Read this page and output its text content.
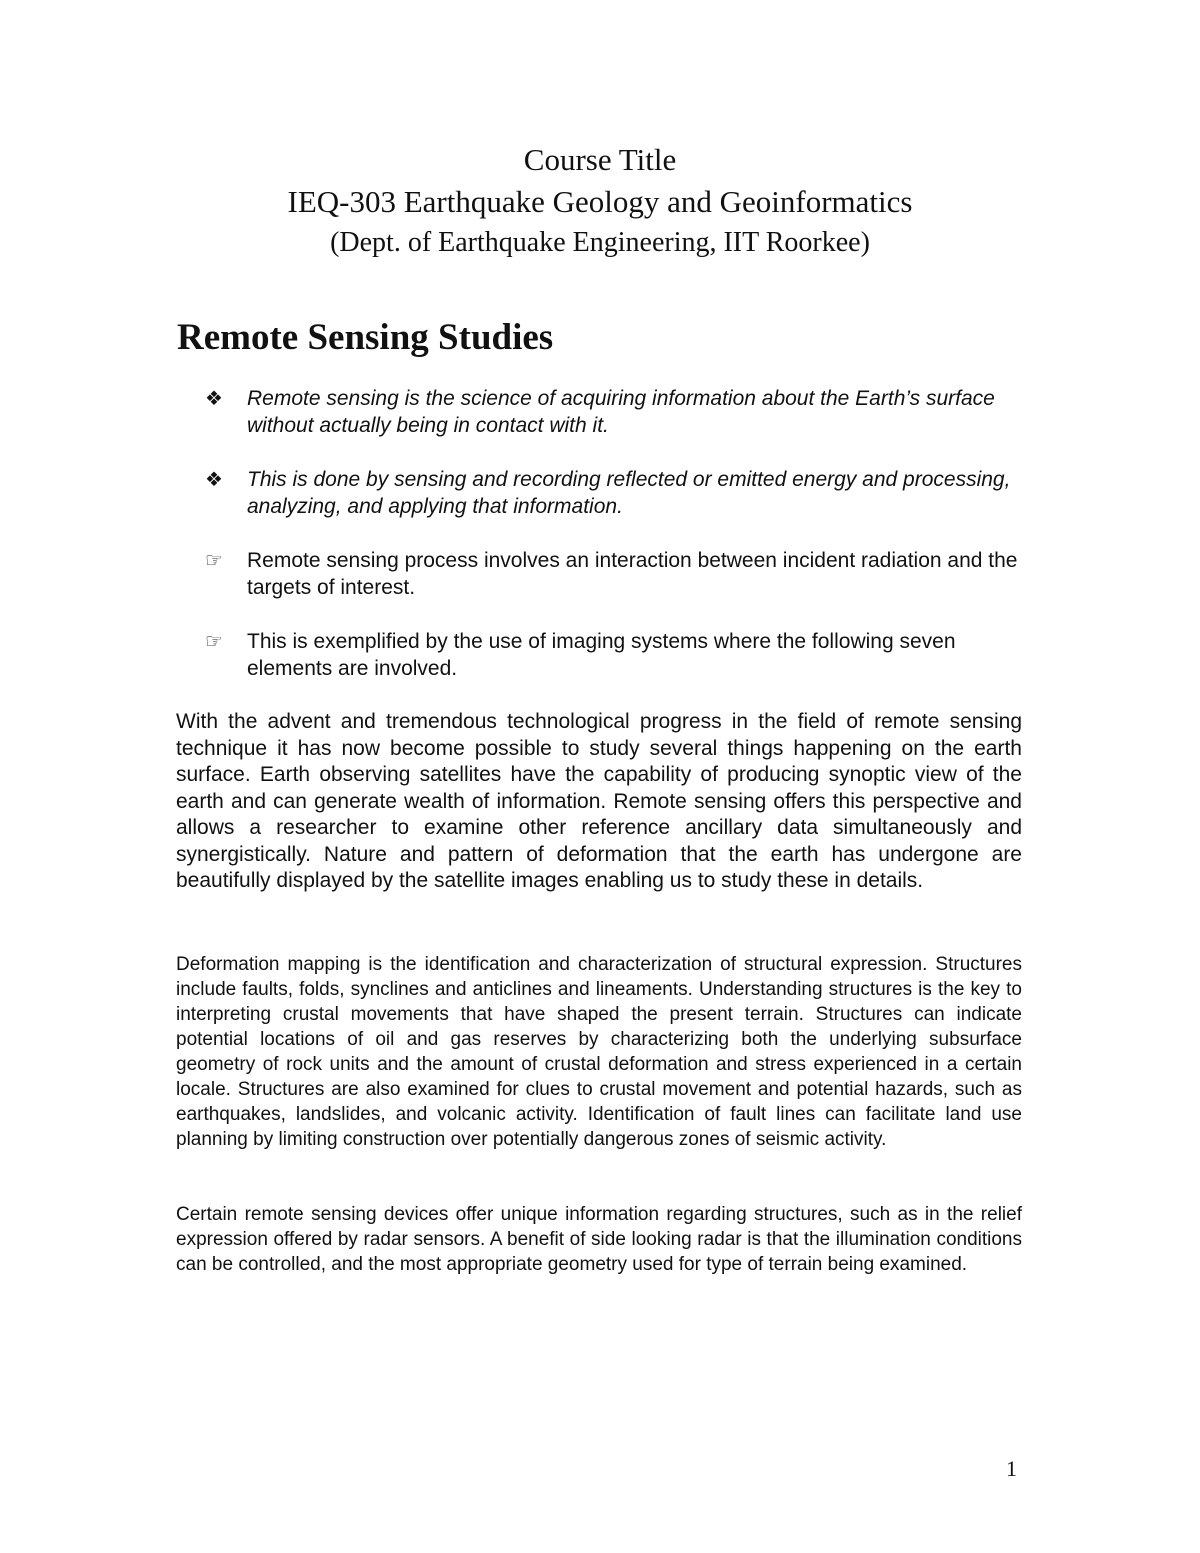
Course Title
IEQ-303 Earthquake Geology and Geoinformatics
(Dept. of Earthquake Engineering, IIT Roorkee)
Remote Sensing Studies
❖	Remote sensing is the science of acquiring information about the Earth’s surface without actually being in contact with it.
❖	This is done by sensing and recording reflected or emitted energy and processing, analyzing, and applying that information.
☞	Remote sensing process involves an interaction between incident radiation and the targets of interest.
☞	This is exemplified by the use of imaging systems where the following seven elements are involved.

With the advent and tremendous technological progress in the field of remote sensing technique it has now become possible to study several things happening on the earth surface. Earth observing satellites have the capability of producing synoptic view of the earth and can generate wealth of information. Remote sensing offers this perspective and allows a researcher to examine other reference ancillary data simultaneously and synergistically. Nature and pattern of deformation that the earth has undergone are beautifully displayed by the satellite images enabling us to study these in details.

Deformation mapping is the identification and characterization of structural expression. Structures include faults, folds, synclines and anticlines and lineaments. Understanding structures is the key to interpreting crustal movements that have shaped the present terrain. Structures can indicate potential locations of oil and gas reserves by characterizing both the underlying subsurface geometry of rock units and the amount of crustal deformation and stress experienced in a certain locale. Structures are also examined for clues to crustal movement and potential hazards, such as earthquakes, landslides, and volcanic activity. Identification of fault lines can facilitate land use planning by limiting construction over potentially dangerous zones of seismic activity.

Certain remote sensing devices offer unique information regarding structures, such as in the relief expression offered by radar sensors. A benefit of side looking radar is that the illumination conditions can be controlled, and the most appropriate geometry used for type of terrain being examined.

1
